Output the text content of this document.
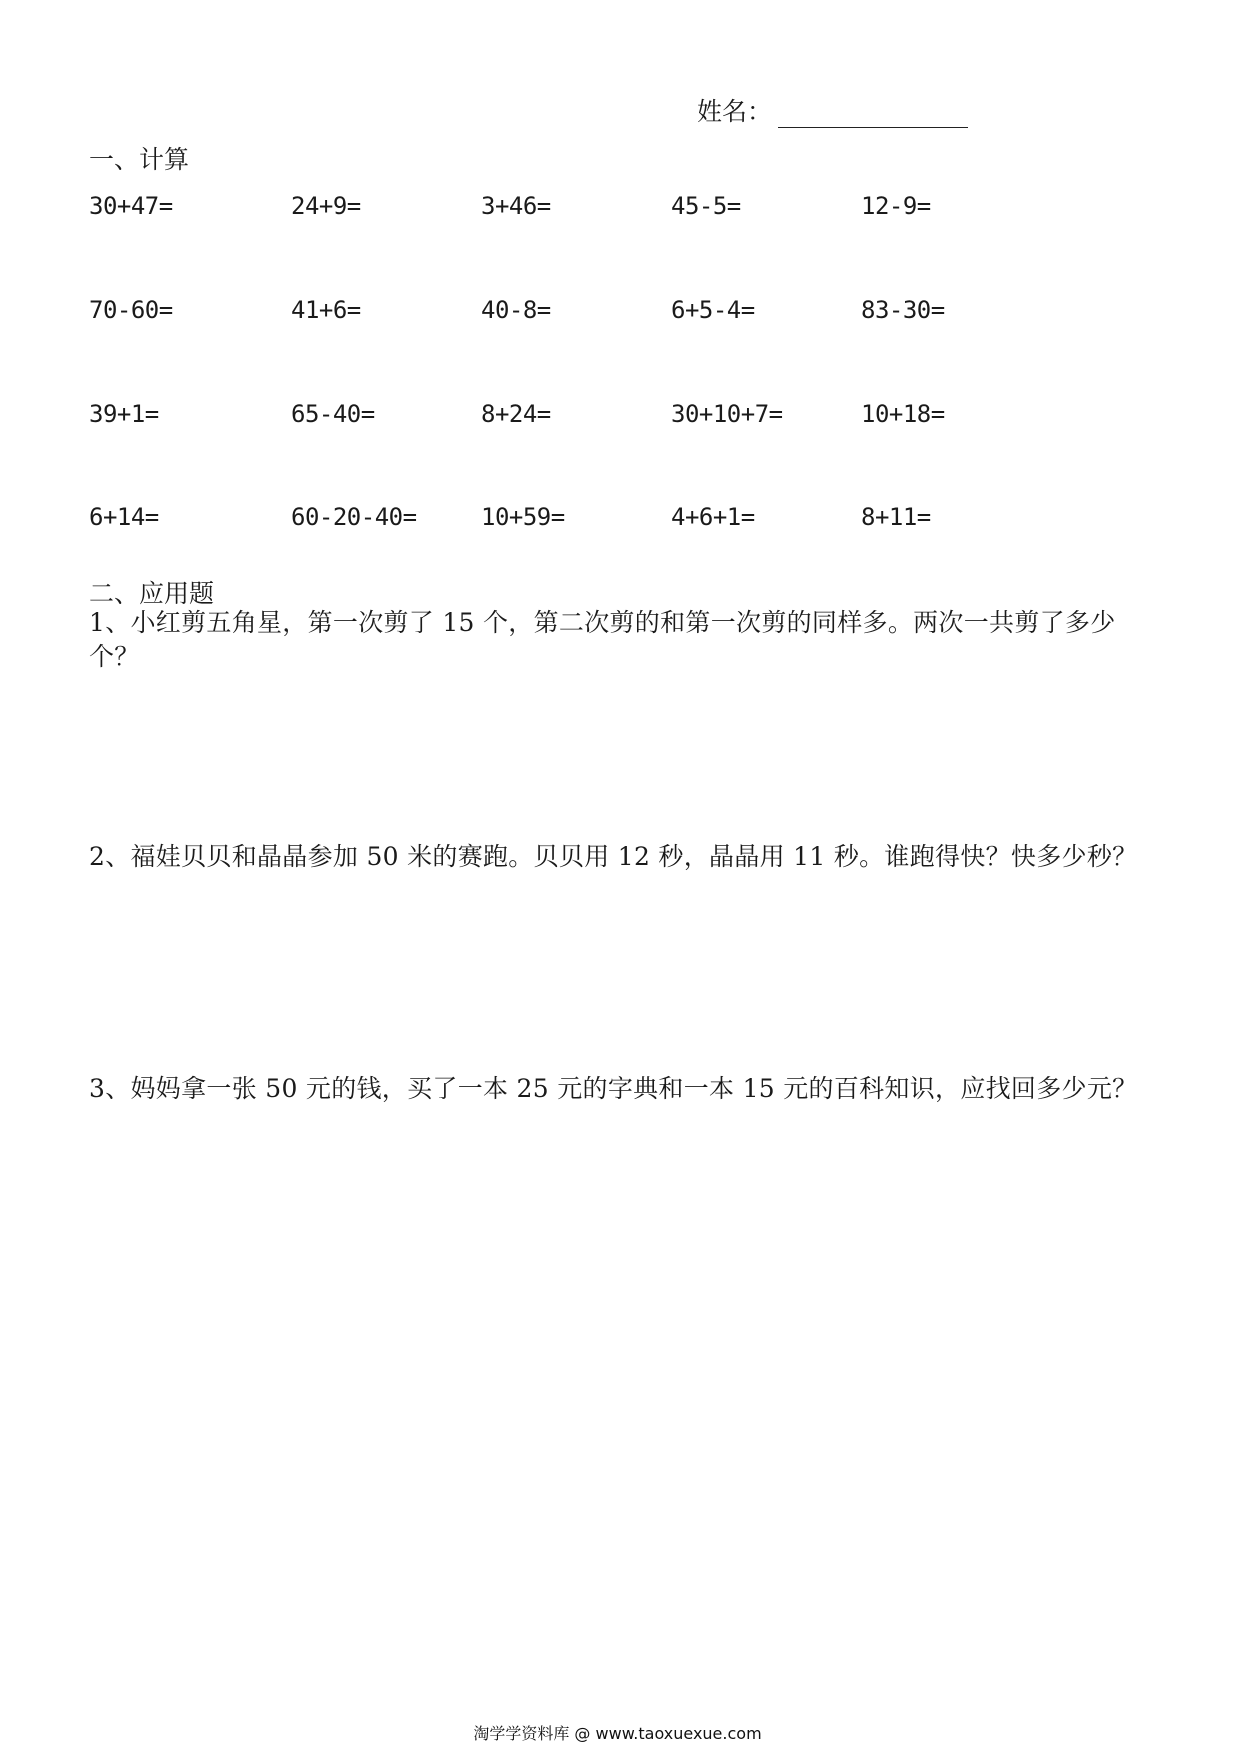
姓名：
一、计算
30+47=	24+9=	3+46=	45-5=	12-9=
70-60=	41+6=	40-8=	6+5-4=	83-30=
39+1=	65-40=	8+24=	30+10+7=	10+18=
6+14=	60-20-40=	10+59=	4+6+1=	8+11=
二、应用题
1、小红剪五角星，第一次剪了 15 个，第二次剪的和第一次剪的同样多。两次一共剪了多少个？
2、福娃贝贝和晶晶参加 50 米的赛跑。贝贝用 12 秒，晶晶用 11 秒。谁跑得快？快多少秒？
3、妈妈拿一张 50 元的钱，买了一本 25 元的字典和一本 15 元的百科知识，应找回多少元？
淘学学资料库 @ www.taoxuexue.com
